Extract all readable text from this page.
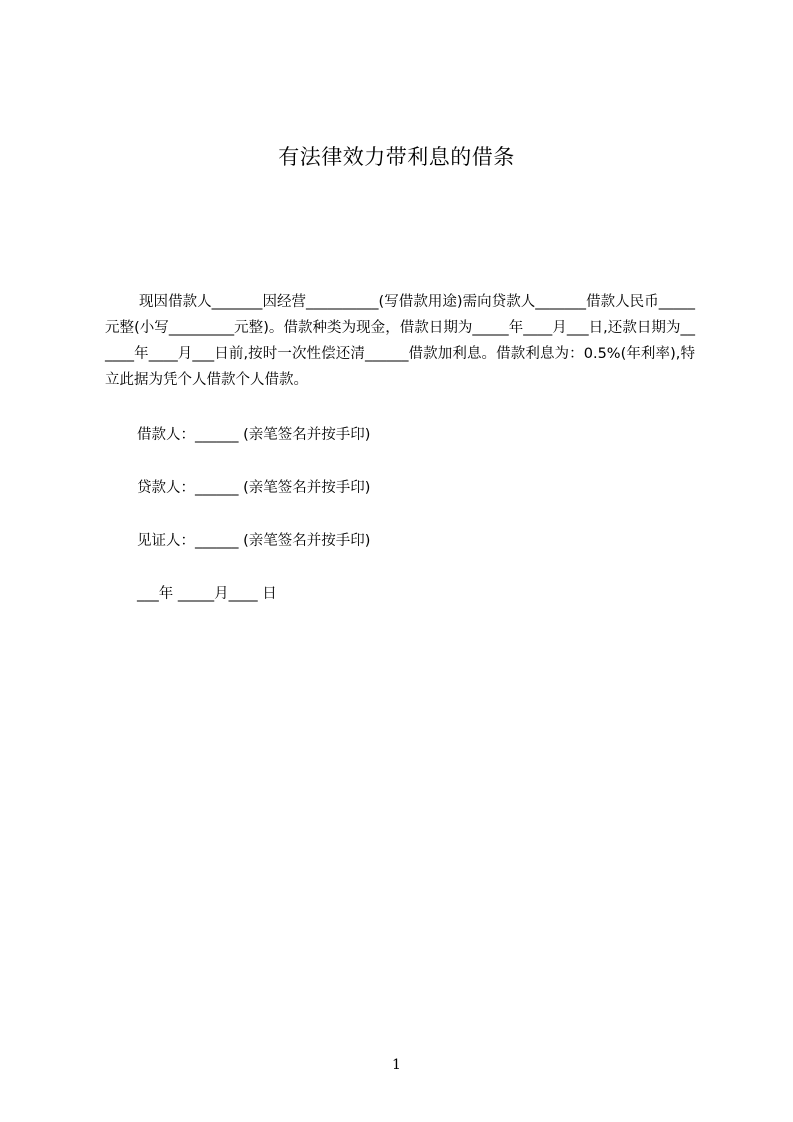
有法律效力带利息的借条

现因借款人_______因经营__________(写借款用途)需向贷款人_______借款人民币_____元整(小写_________元整)。借款种类为现金，借款日期为_____年____月___日,还款日期为______年____月___日前,按时一次性偿还清______借款加利息。借款利息为：0.5%(年利率),特立此据为凭个人借款个人借款。

借款人：______ (亲笔签名并按手印)
贷款人：______ (亲笔签名并按手印)
见证人：______ (亲笔签名并按手印)
___年 _____月____ 日
1
